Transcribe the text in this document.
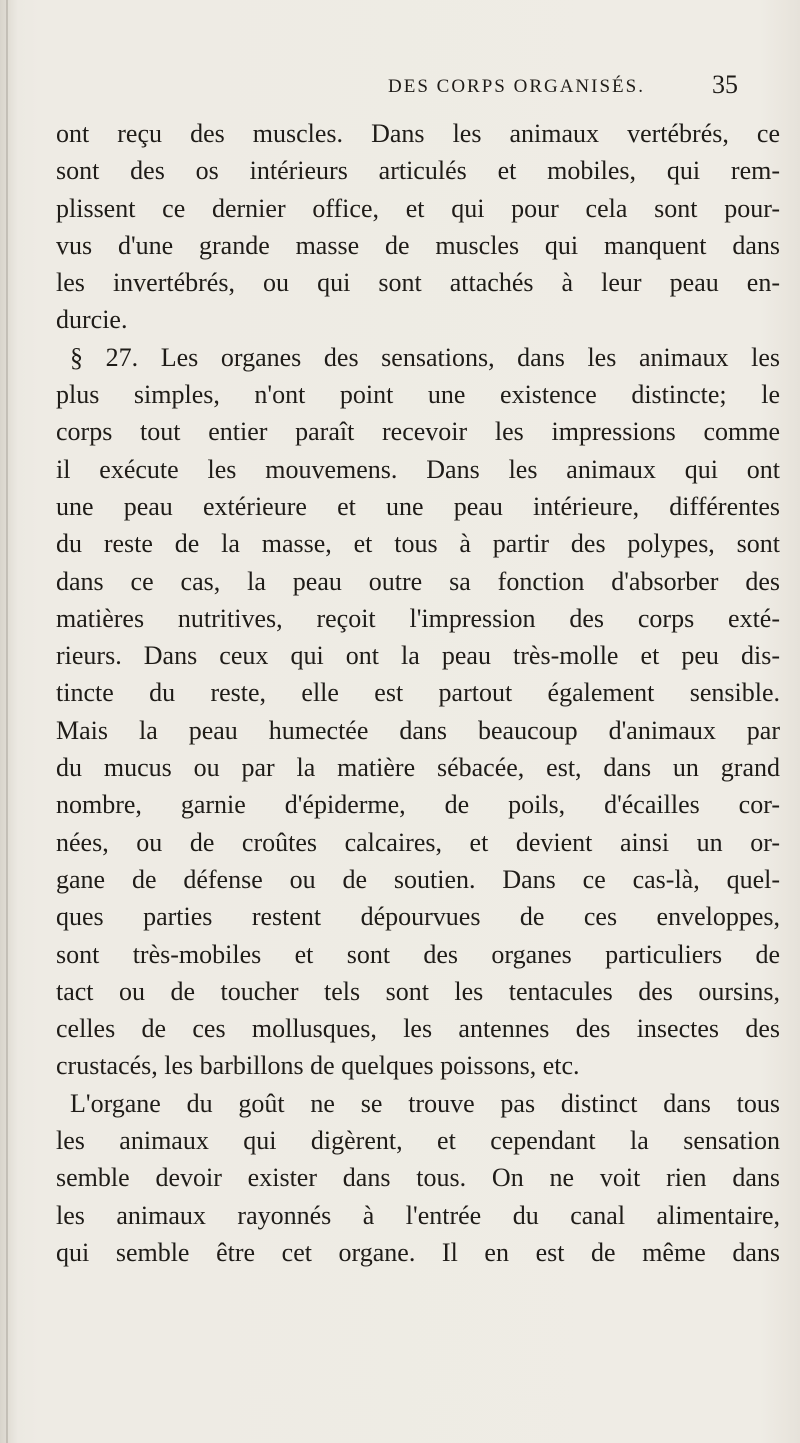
DES CORPS ORGANISÉS.	35
ont reçu des muscles. Dans les animaux vertébrés, ce
sont des os intérieurs articulés et mobiles, qui rem-
plissent ce dernier office, et qui pour cela sont pour-
vus d'une grande masse de muscles qui manquent dans
les invertébrés, ou qui sont attachés à leur peau en-
durcie.
§ 27. Les organes des sensations, dans les animaux les
plus simples, n'ont point une existence distincte; le
corps tout entier paraît recevoir les impressions comme
il exécute les mouvemens. Dans les animaux qui ont
une peau extérieure et une peau intérieure, différentes
du reste de la masse, et tous à partir des polypes, sont
dans ce cas, la peau outre sa fonction d'absorber des
matières nutritives, reçoit l'impression des corps exté-
rieurs. Dans ceux qui ont la peau très-molle et peu dis-
tincte du reste, elle est partout également sensible.
Mais la peau humectée dans beaucoup d'animaux par
du mucus ou par la matière sébacée, est, dans un grand
nombre, garnie d'épiderme, de poils, d'écailles cor-
nées, ou de croûtes calcaires, et devient ainsi un or-
gane de défense ou de soutien. Dans ce cas-là, quel-
ques parties restent dépourvues de ces enveloppes,
sont très-mobiles et sont des organes particuliers de
tact ou de toucher tels sont les tentacules des oursins,
celles de ces mollusques, les antennes des insectes des
crustacés, les barbillons de quelques poissons, etc.
L'organe du goût ne se trouve pas distinct dans tous
les animaux qui digèrent, et cependant la sensation
semble devoir exister dans tous. On ne voit rien dans
les animaux rayonnés à l'entrée du canal alimentaire,
qui semble être cet organe. Il en est de même dans
